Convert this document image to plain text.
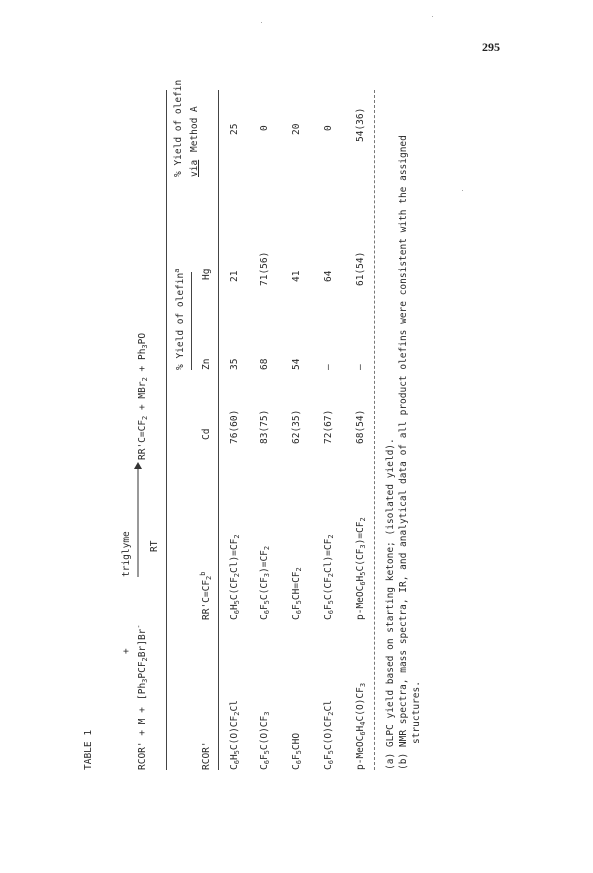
295
TABLE 1	RCOR' + M +
+
$[Ph_3PCF_2Br]Br^-$
triglyme RT
$RR'C=CF_2 + MBr_2 + Ph_3PO$	% Yield of olefin$^a$
% Yield of olefin via
Method A
RCOR'
$RR'C=CF_2^b$
Cd
Zn
Hg
$C_6H_5C(O)CF_2Cl$
$C_6H_5C(CF_2Cl)=CF_2$
76(60)
35
21
25
$C_6F_5C(O)CF_3$
$C_6F_5C(CF_3)=CF_2$
83(75)
68
71(56)
0
$C_6F_5CHO$
$C_6F_5CH=CF_2$
62(35)
54
41
20
$C_6F_5C(O)CF_2Cl$
$C_6F_5C(CF_2Cl)=CF_2$
72(67)
—
64
0
$p-MeOC_6H_4C(O)CF_3$
$p-MeOC_6H_5C(CF_3)=CF_2$
68(54)
—
61(54)
54(36)
(a) GLPC yield based on starting ketone; (isolated yield). (b) NMR spectra, mass spectra, IR, and analytical data of all product olefins were consistent with the assigned structures.
